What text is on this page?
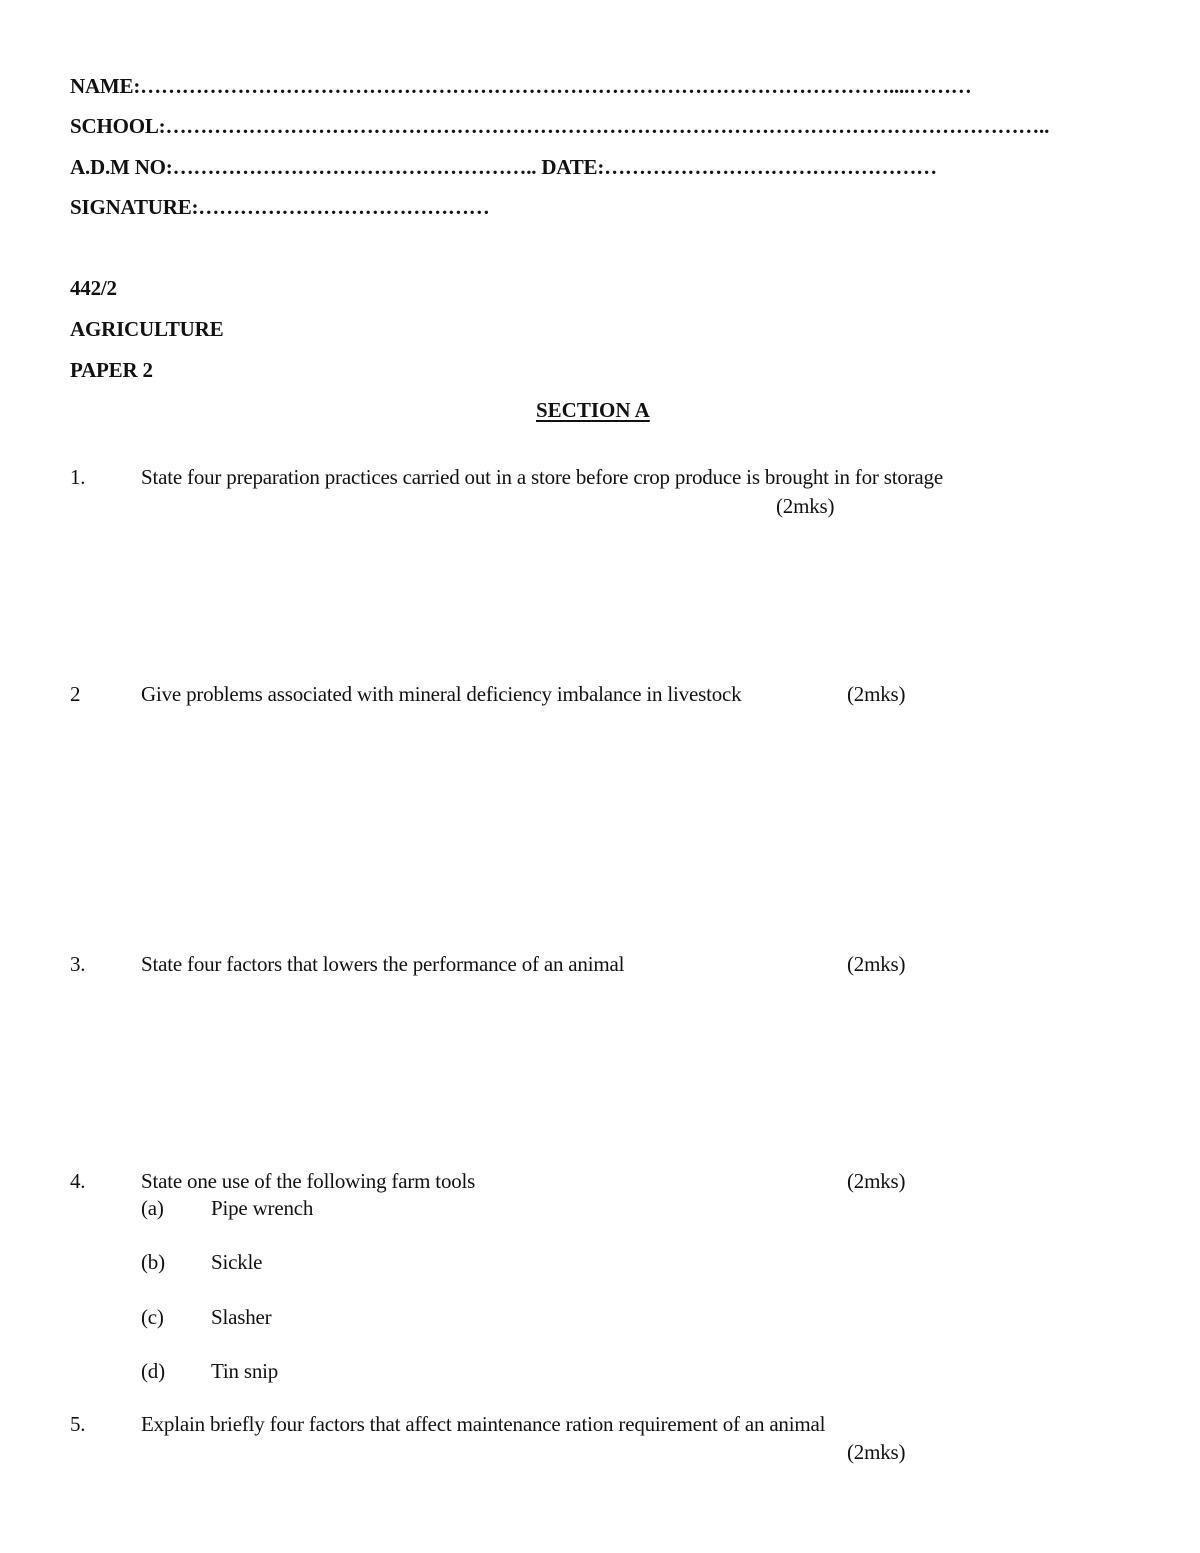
NAME:………………………………………………………………………………………………....………
SCHOOL:………………………………………………………………………………………………………………..
A.D.M NO:…………………………………………….. DATE:…………………………………………
SIGNATURE:……………………………………
442/2
AGRICULTURE
PAPER 2
SECTION A
1.	State four preparation practices carried out in a store before crop produce is brought in for storage
(2mks)
2	Give problems associated with mineral deficiency imbalance in livestock	(2mks)
3.	State four factors that lowers the performance of an animal	(2mks)
4.	State one use of the following farm tools	(2mks)
(a) Pipe wrench
(b) Sickle
(c) Slasher
(d) Tin snip
5.	Explain briefly four factors that affect maintenance ration requirement of an animal
(2mks)
